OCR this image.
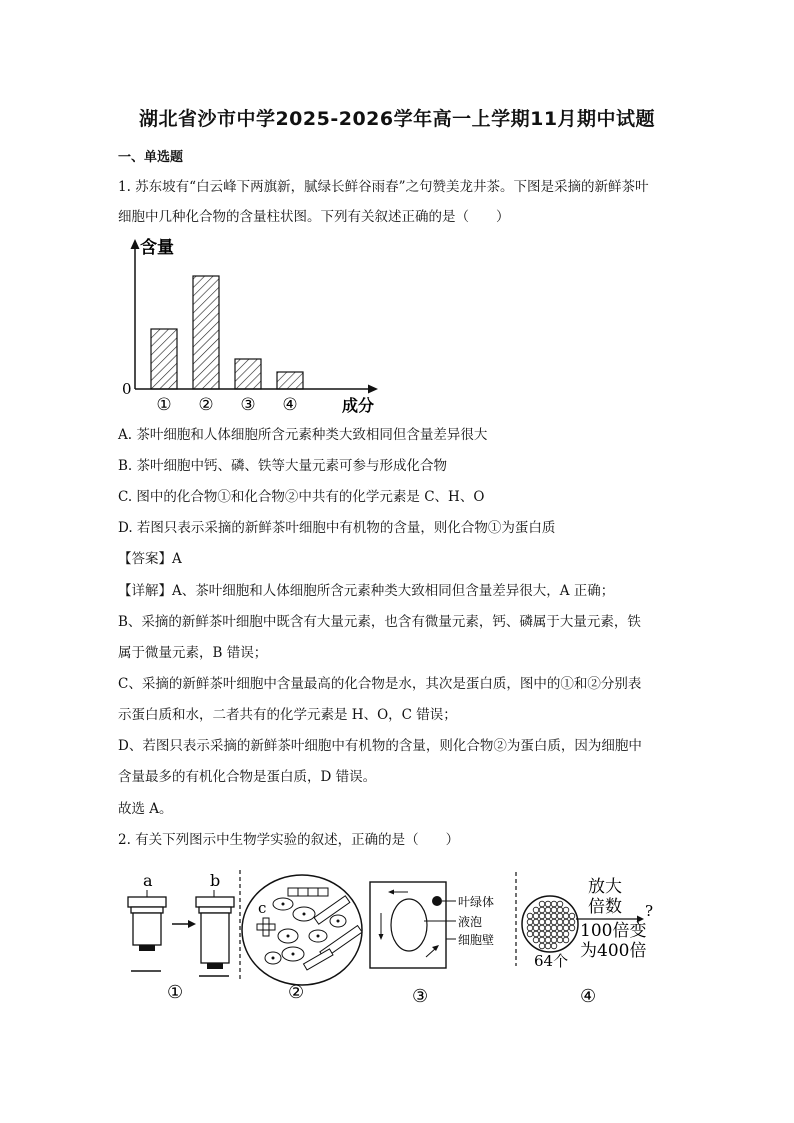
湖北省沙市中学2025-2026学年高一上学期11月期中试题
一、单选题
1. 苏东坡有“白云峰下两旗新，腻绿长鲜谷雨春”之句赞美龙井茶。下图是采摘的新鲜茶叶
细胞中几种化合物的含量柱状图。下列有关叙述正确的是（　　）
含量
0
成分
① ② ③ ④
A. 茶叶细胞和人体细胞所含元素种类大致相同但含量差异很大
B. 茶叶细胞中钙、磷、铁等大量元素可参与形成化合物
C. 图中的化合物①和化合物②中共有的化学元素是 C、H、O
D. 若图只表示采摘的新鲜茶叶细胞中有机物的含量，则化合物①为蛋白质
【答案】A
【详解】A、茶叶细胞和人体细胞所含元素种类大致相同但含量差异很大，A 正确；
B、采摘的新鲜茶叶细胞中既含有大量元素，也含有微量元素，钙、磷属于大量元素，铁
属于微量元素，B 错误；
C、采摘的新鲜茶叶细胞中含量最高的化合物是水，其次是蛋白质，图中的①和②分别表
示蛋白质和水，二者共有的化学元素是 H、O，C 错误；
D、若图只表示采摘的新鲜茶叶细胞中有机物的含量，则化合物②为蛋白质，因为细胞中
含量最多的有机化合物是蛋白质，D 错误。
故选 A。
2. 有关下列图示中生物学实验的叙述，正确的是（　　）
a	b
①
c
②
叶绿体
液泡
细胞壁
③
放大
倍数
100倍变
为400倍
?
64个
④
